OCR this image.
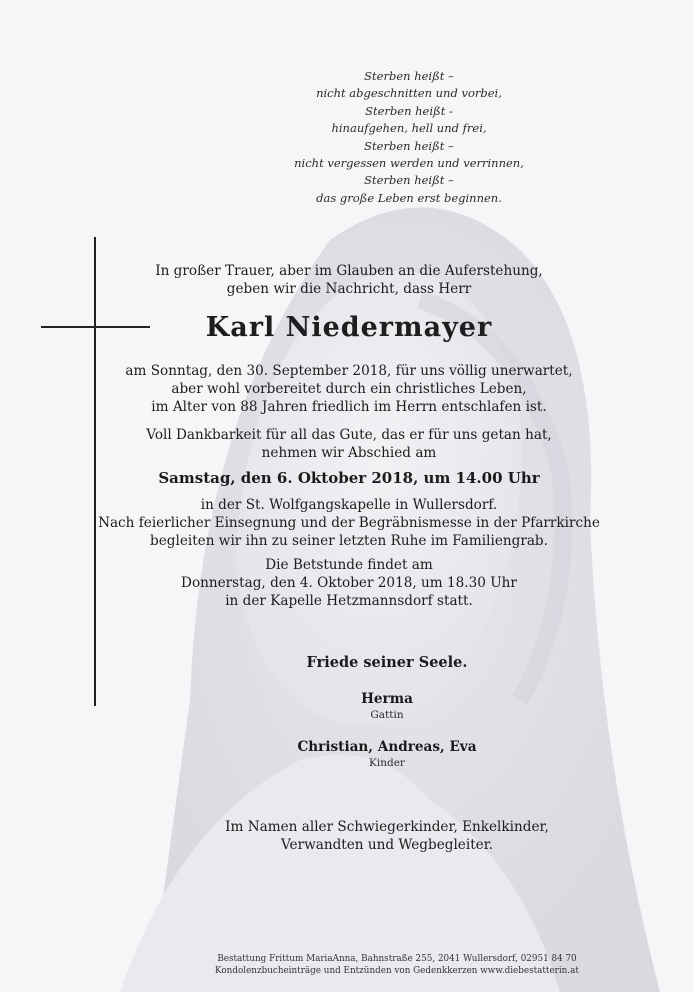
Sterben heißt –
nicht abgeschnitten und vorbei,
Sterben heißt -
hinaufgehen, hell und frei,
Sterben heißt –
nicht vergessen werden und verrinnen,
Sterben heißt –
das große Leben erst beginnen.
In großer Trauer, aber im Glauben an die Auferstehung,
geben wir die Nachricht, dass Herr
Karl Niedermayer
am Sonntag, den 30. September 2018, für uns völlig unerwartet,
aber wohl vorbereitet durch ein christliches Leben,
im Alter von 88 Jahren friedlich im Herrn entschlafen ist.
Voll Dankbarkeit für all das Gute, das er für uns getan hat,
nehmen wir Abschied am
Samstag, den 6. Oktober 2018, um 14.00 Uhr
in der St. Wolfgangskapelle in Wullersdorf.
Nach feierlicher Einsegnung und der Begräbnismesse in der Pfarrkirche
begleiten wir ihn zu seiner letzten Ruhe im Familiengrab.
Die Betstunde findet am
Donnerstag, den 4. Oktober 2018, um 18.30 Uhr
in der Kapelle Hetzmannsdorf statt.
Friede seiner Seele.
Herma
Gattin
Christian, Andreas, Eva
Kinder
Im Namen aller Schwiegerkinder, Enkelkinder,
Verwandten und Wegbegleiter.
Bestattung Frittum MariaAnna, Bahnstraße 255, 2041 Wullersdorf, 02951 84 70
Kondolenzbucheinträge und Entzünden von Gedenkkerzen www.diebestatterin.at
